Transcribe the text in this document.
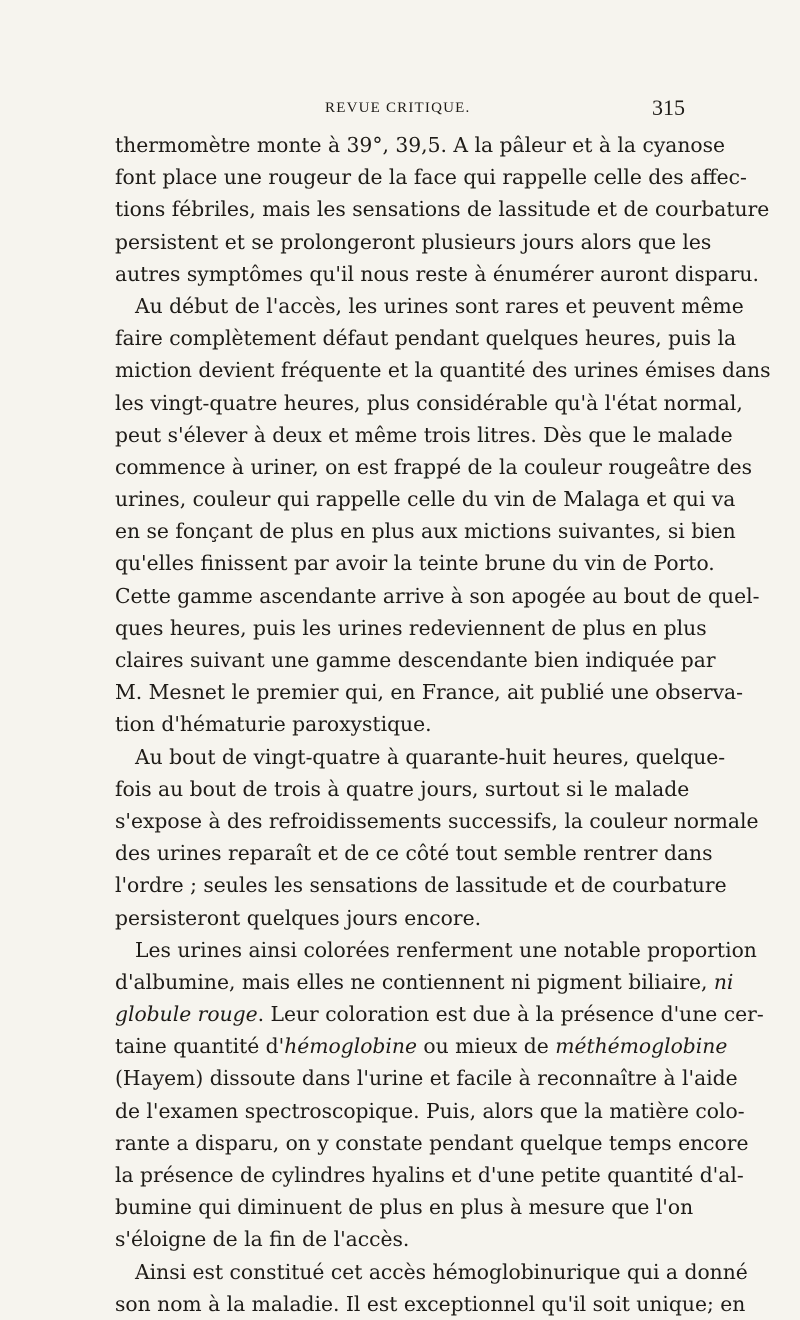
REVUE CRITIQUE.	315
thermomètre monte à 39°, 39,5. A la pâleur et à la cyanose
font place une rougeur de la face qui rappelle celle des affec-
tions fébriles, mais les sensations de lassitude et de courbature
persistent et se prolongeront plusieurs jours alors que les
autres symptômes qu'il nous reste à énumérer auront disparu.
Au début de l'accès, les urines sont rares et peuvent même
faire complètement défaut pendant quelques heures, puis la
miction devient fréquente et la quantité des urines émises dans
les vingt-quatre heures, plus considérable qu'à l'état normal,
peut s'élever à deux et même trois litres. Dès que le malade
commence à uriner, on est frappé de la couleur rougeâtre des
urines, couleur qui rappelle celle du vin de Malaga et qui va
en se fonçant de plus en plus aux mictions suivantes, si bien
qu'elles finissent par avoir la teinte brune du vin de Porto.
Cette gamme ascendante arrive à son apogée au bout de quel-
ques heures, puis les urines redeviennent de plus en plus
claires suivant une gamme descendante bien indiquée par
M. Mesnet le premier qui, en France, ait publié une observa-
tion d'hématurie paroxystique.
Au bout de vingt-quatre à quarante-huit heures, quelque-
fois au bout de trois à quatre jours, surtout si le malade
s'expose à des refroidissements successifs, la couleur normale
des urines reparaît et de ce côté tout semble rentrer dans
l'ordre ; seules les sensations de lassitude et de courbature
persisteront quelques jours encore.
Les urines ainsi colorées renferment une notable proportion
d'albumine, mais elles ne contiennent ni pigment biliaire, ni
globule rouge. Leur coloration est due à la présence d'une cer-
taine quantité d'hémoglobine ou mieux de méthémoglobine
(Hayem) dissoute dans l'urine et facile à reconnaître à l'aide
de l'examen spectroscopique. Puis, alors que la matière colo-
rante a disparu, on y constate pendant quelque temps encore
la présence de cylindres hyalins et d'une petite quantité d'al-
bumine qui diminuent de plus en plus à mesure que l'on
s'éloigne de la fin de l'accès.
Ainsi est constitué cet accès hémoglobinurique qui a donné
son nom à la maladie. Il est exceptionnel qu'il soit unique; en
